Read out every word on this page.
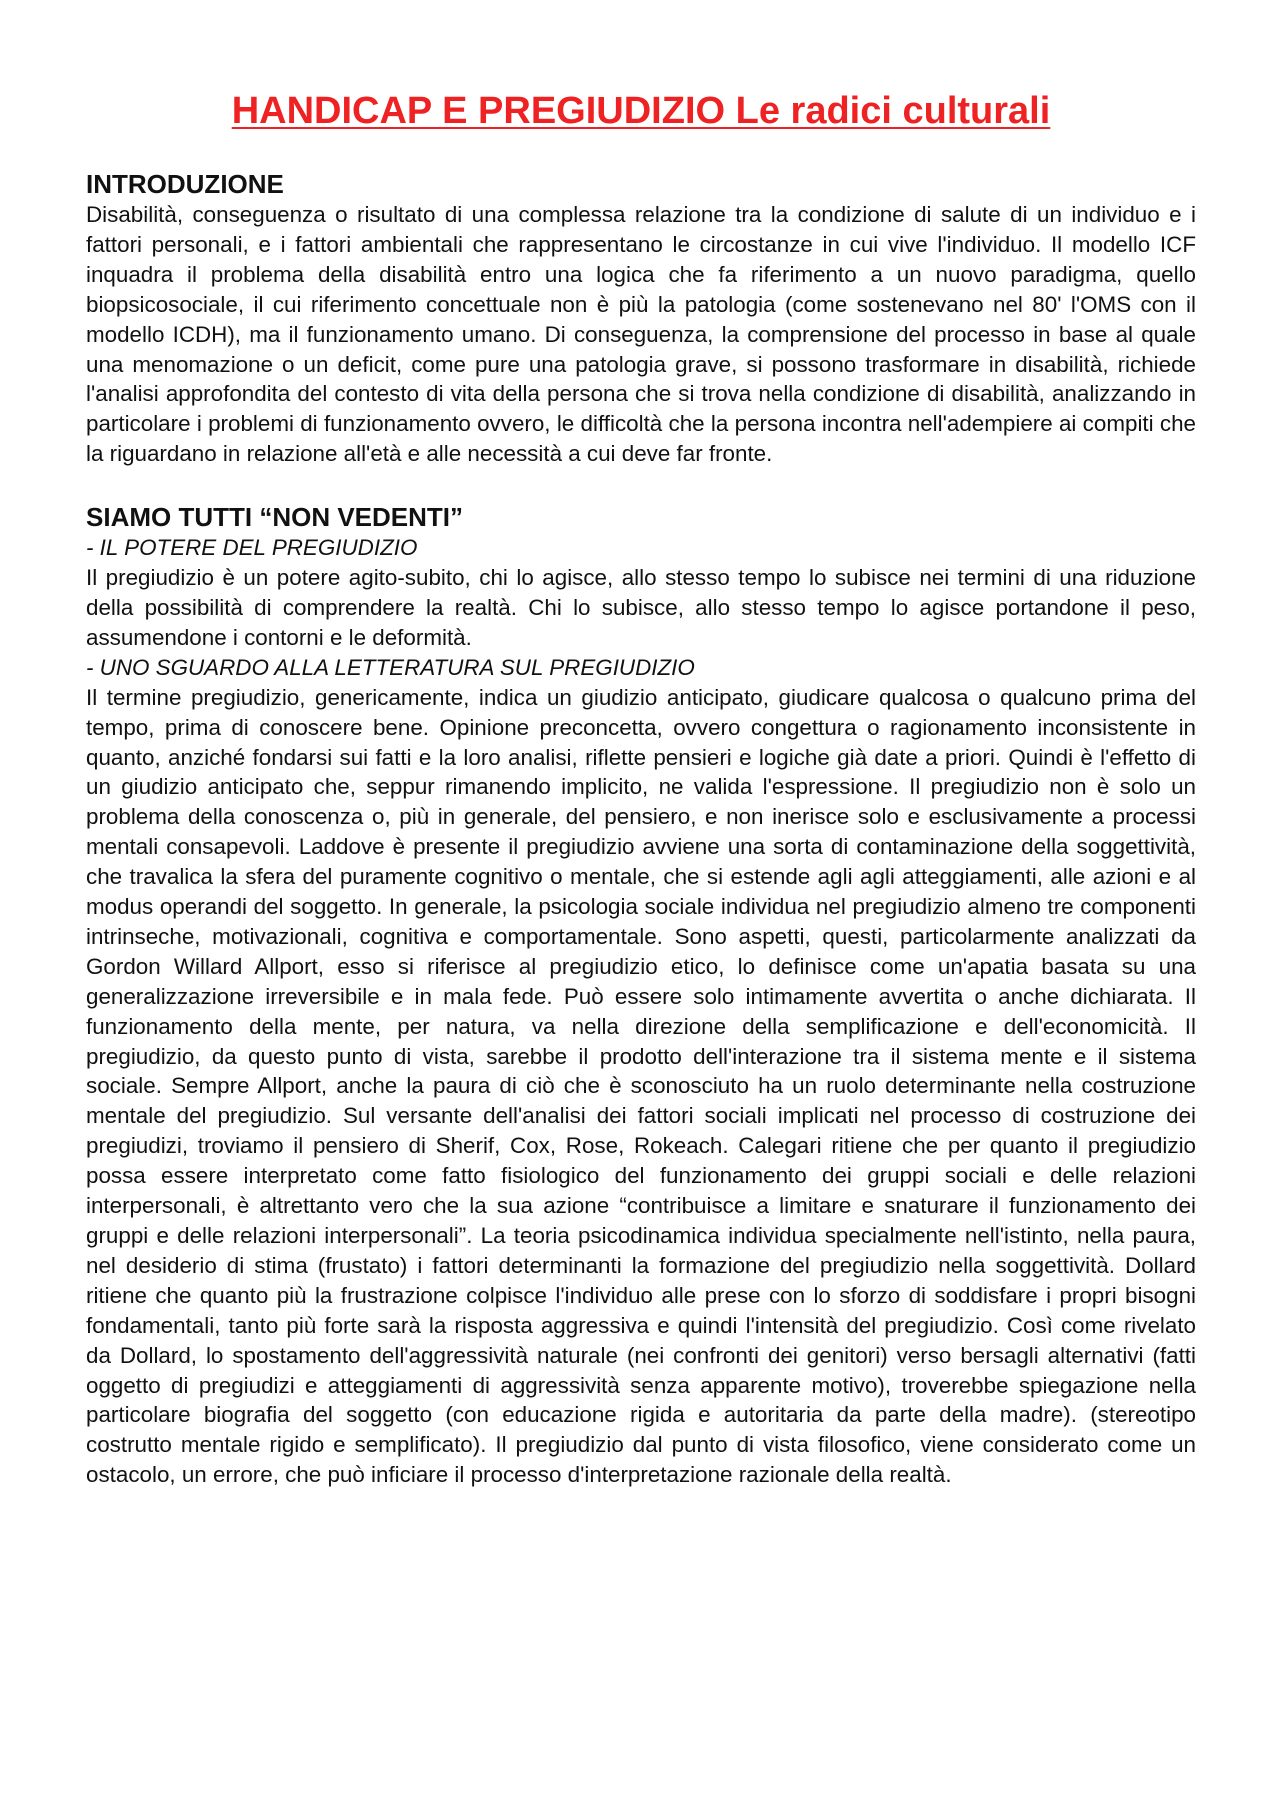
HANDICAP E PREGIUDIZIO Le radici culturali
INTRODUZIONE

Disabilità, conseguenza o risultato di una complessa relazione tra la condizione di salute di un individuo e i fattori personali, e i fattori ambientali che rappresentano le circostanze in cui vive l'individuo. Il modello ICF inquadra il problema della disabilità entro una logica che fa riferimento a un nuovo paradigma, quello biopsicosociale, il cui riferimento concettuale non è più la patologia (come sostenevano nel 80' l'OMS con il modello ICDH), ma il funzionamento umano. Di conseguenza, la comprensione del processo in base al quale una menomazione o un deficit, come pure una patologia grave, si possono trasformare in disabilità, richiede l'analisi approfondita del contesto di vita della persona che si trova nella condizione di disabilità, analizzando in particolare i problemi di funzionamento ovvero, le difficoltà che la persona incontra nell'adempiere ai compiti che la riguardano in relazione all'età e alle necessità a cui deve far fronte.

SIAMO TUTTI “NON VEDENTI”

- IL POTERE DEL PREGIUDIZIO

Il pregiudizio è un potere agito-subito, chi lo agisce, allo stesso tempo lo subisce nei termini di una riduzione della possibilità di comprendere la realtà. Chi lo subisce, allo stesso tempo lo agisce portandone il peso, assumendone i contorni e le deformità.

- UNO SGUARDO ALLA LETTERATURA SUL PREGIUDIZIO

Il termine pregiudizio, genericamente, indica un giudizio anticipato, giudicare qualcosa o qualcuno prima del tempo, prima di conoscere bene. Opinione preconcetta, ovvero congettura o ragionamento inconsistente in quanto, anziché fondarsi sui fatti e la loro analisi, riflette pensieri e logiche già date a priori. Quindi è l'effetto di un giudizio anticipato che, seppur rimanendo implicito, ne valida l'espressione. Il pregiudizio non è solo un problema della conoscenza o, più in generale, del pensiero, e non inerisce solo e esclusivamente a processi mentali consapevoli. Laddove è presente il pregiudizio avviene una sorta di contaminazione della soggettività, che travalica la sfera del puramente cognitivo o mentale, che si estende agli agli atteggiamenti, alle azioni e al modus operandi del soggetto. In generale, la psicologia sociale individua nel pregiudizio almeno tre componenti intrinseche, motivazionali, cognitiva e comportamentale. Sono aspetti, questi, particolarmente analizzati da Gordon Willard Allport, esso si riferisce al pregiudizio etico, lo definisce come un'apatia basata su una generalizzazione irreversibile e in mala fede. Può essere solo intimamente avvertita o anche dichiarata. Il funzionamento della mente, per natura, va nella direzione della semplificazione e dell'economicità. Il pregiudizio, da questo punto di vista, sarebbe il prodotto dell'interazione tra il sistema mente e il sistema sociale. Sempre Allport, anche la paura di ciò che è sconosciuto ha un ruolo determinante nella costruzione mentale del pregiudizio. Sul versante dell'analisi dei fattori sociali implicati nel processo di costruzione dei pregiudizi, troviamo il pensiero di Sherif, Cox, Rose, Rokeach. Calegari ritiene che per quanto il pregiudizio possa essere interpretato come fatto fisiologico del funzionamento dei gruppi sociali e delle relazioni interpersonali, è altrettanto vero che la sua azione “contribuisce a limitare e snaturare il funzionamento dei gruppi e delle relazioni interpersonali”. La teoria psicodinamica individua specialmente nell'istinto, nella paura, nel desiderio di stima (frustato) i fattori determinanti la formazione del pregiudizio nella soggettività. Dollard ritiene che quanto più la frustrazione colpisce l'individuo alle prese con lo sforzo di soddisfare i propri bisogni fondamentali, tanto più forte sarà la risposta aggressiva e quindi l'intensità del pregiudizio. Così come rivelato da Dollard, lo spostamento dell'aggressività naturale (nei confronti dei genitori) verso bersagli alternativi (fatti oggetto di pregiudizi e atteggiamenti di aggressività senza apparente motivo), troverebbe spiegazione nella particolare biografia del soggetto (con educazione rigida e autoritaria da parte della madre). (stereotipo costrutto mentale rigido e semplificato). Il pregiudizio dal punto di vista filosofico, viene considerato come un ostacolo, un errore, che può inficiare il processo d'interpretazione razionale della realtà.
